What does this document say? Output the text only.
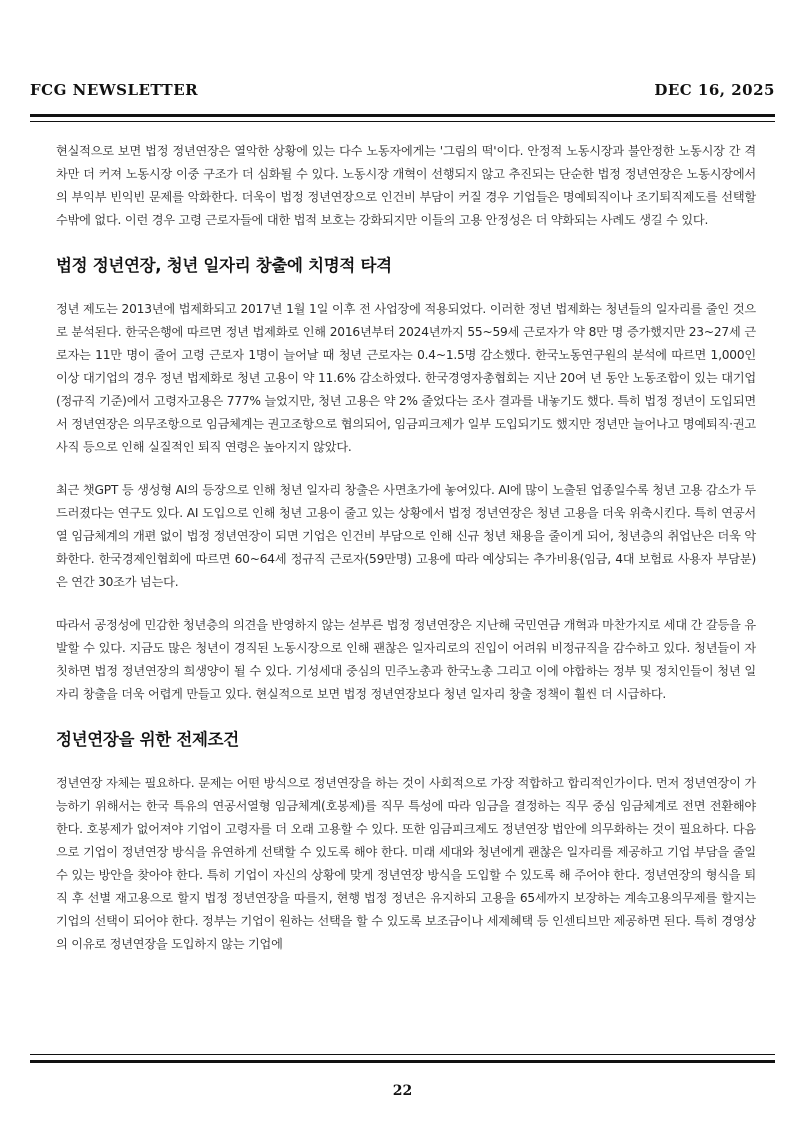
FCG NEWSLETTER	DEC 16, 2025

현실적으로 보면 법정 정년연장은 열악한 상황에 있는 다수 노동자에게는 '그림의 떡'이다. 안정적 노동시장과 불안정한 노동시장 간 격차만 더 커져 노동시장 이중 구조가 더 심화될 수 있다. 노동시장 개혁이 선행되지 않고 추진되는 단순한 법정 정년연장은 노동시장에서의 부익부 빈익빈 문제를 악화한다. 더욱이 법정 정년연장으로 인건비 부담이 커질 경우 기업들은 명예퇴직이나 조기퇴직제도를 선택할 수밖에 없다. 이런 경우 고령 근로자들에 대한 법적 보호는 강화되지만 이들의 고용 안정성은 더 약화되는 사례도 생길 수 있다.

법정 정년연장, 청년 일자리 창출에 치명적 타격

정년 제도는 2013년에 법제화되고 2017년 1월 1일 이후 전 사업장에 적용되었다. 이러한 정년 법제화는 청년들의 일자리를 줄인 것으로 분석된다. 한국은행에 따르면 정년 법제화로 인해 2016년부터 2024년까지 55~59세 근로자가 약 8만 명 증가했지만 23~27세 근로자는 11만 명이 줄어 고령 근로자 1명이 늘어날 때 청년 근로자는 0.4~1.5명 감소했다. 한국노동연구원의 분석에 따르면 1,000인 이상 대기업의 경우 정년 법제화로 청년 고용이 약 11.6% 감소하였다. 한국경영자총협회는 지난 20여 년 동안 노동조합이 있는 대기업(정규직 기준)에서 고령자고용은 777% 늘었지만, 청년 고용은 약 2% 줄었다는 조사 결과를 내놓기도 했다. 특히 법정 정년이 도입되면서 정년연장은 의무조항으로 임금체계는 권고조항으로 협의되어, 임금피크제가 일부 도입되기도 했지만 정년만 늘어나고 명예퇴직·권고사직 등으로 인해 실질적인 퇴직 연령은 높아지지 않았다.

최근 챗GPT 등 생성형 AI의 등장으로 인해 청년 일자리 창출은 사면초가에 놓여있다. AI에 많이 노출된 업종일수록 청년 고용 감소가 두드러졌다는 연구도 있다. AI 도입으로 인해 청년 고용이 줄고 있는 상황에서 법정 정년연장은 청년 고용을 더욱 위축시킨다. 특히 연공서열 임금체계의 개편 없이 법정 정년연장이 되면 기업은 인건비 부담으로 인해 신규 청년 채용을 줄이게 되어, 청년층의 취업난은 더욱 악화한다. 한국경제인협회에 따르면 60~64세 정규직 근로자(59만명) 고용에 따라 예상되는 추가비용(임금, 4대 보험료 사용자 부담분)은 연간 30조가 넘는다.

따라서 공정성에 민감한 청년층의 의견을 반영하지 않는 섣부른 법정 정년연장은 지난해 국민연금 개혁과 마찬가지로 세대 간 갈등을 유발할 수 있다. 지금도 많은 청년이 경직된 노동시장으로 인해 괜찮은 일자리로의 진입이 어려워 비정규직을 감수하고 있다. 청년들이 자칫하면 법정 정년연장의 희생양이 될 수 있다. 기성세대 중심의 민주노총과 한국노총 그리고 이에 야합하는 정부 및 정치인들이 청년 일자리 창출을 더욱 어렵게 만들고 있다. 현실적으로 보면 법정 정년연장보다 청년 일자리 창출 정책이 훨씬 더 시급하다.

정년연장을 위한 전제조건

정년연장 자체는 필요하다. 문제는 어떤 방식으로 정년연장을 하는 것이 사회적으로 가장 적합하고 합리적인가이다. 먼저 정년연장이 가능하기 위해서는 한국 특유의 연공서열형 임금체계(호봉제)를 직무 특성에 따라 임금을 결정하는 직무 중심 임금체계로 전면 전환해야 한다. 호봉제가 없어져야 기업이 고령자를 더 오래 고용할 수 있다. 또한 임금피크제도 정년연장 법안에 의무화하는 것이 필요하다. 다음으로 기업이 정년연장 방식을 유연하게 선택할 수 있도록 해야 한다. 미래 세대와 청년에게 괜찮은 일자리를 제공하고 기업 부담을 줄일 수 있는 방안을 찾아야 한다. 특히 기업이 자신의 상황에 맞게 정년연장 방식을 도입할 수 있도록 해 주어야 한다. 정년연장의 형식을 퇴직 후 선별 재고용으로 할지 법정 정년연장을 따를지, 현행 법정 정년은 유지하되 고용을 65세까지 보장하는 계속고용의무제를 할지는 기업의 선택이 되어야 한다. 정부는 기업이 원하는 선택을 할 수 있도록 보조금이나 세제혜택 등 인센티브만 제공하면 된다. 특히 경영상의 이유로 정년연장을 도입하지 않는 기업에

22
